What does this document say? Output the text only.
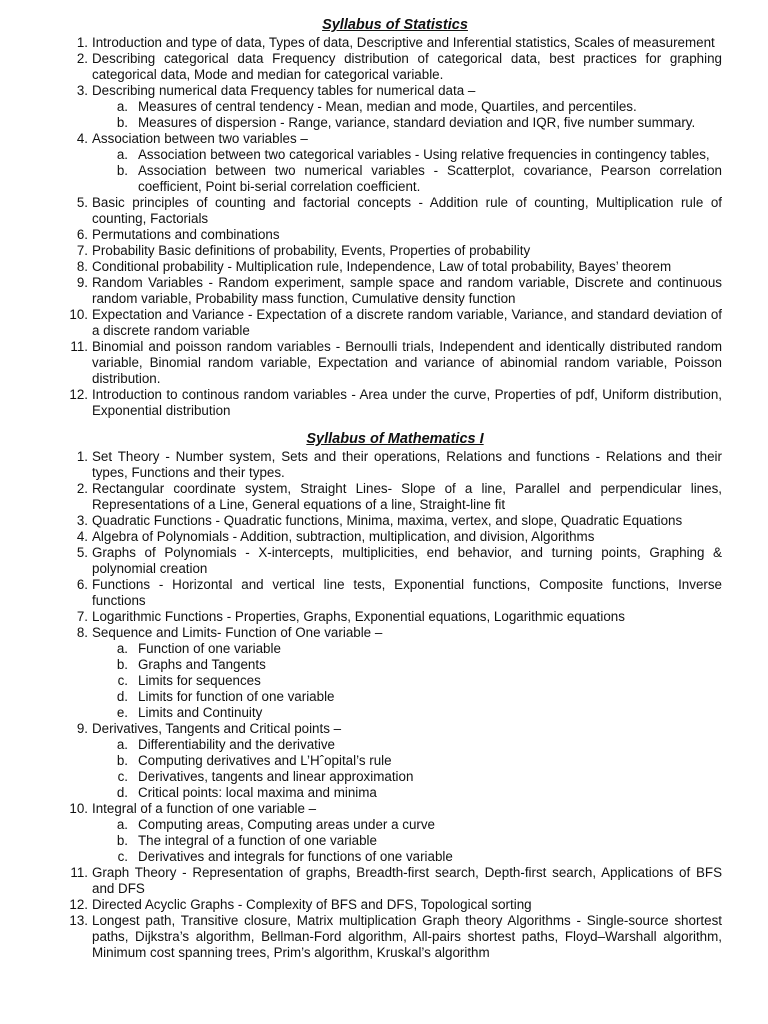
Syllabus of Statistics
1. Introduction and type of data, Types of data, Descriptive and Inferential statistics, Scales of measurement
2. Describing categorical data Frequency distribution of categorical data, best practices for graphing categorical data, Mode and median for categorical variable.
3. Describing numerical data Frequency tables for numerical data –
a. Measures of central tendency - Mean, median and mode, Quartiles, and percentiles.
b. Measures of dispersion - Range, variance, standard deviation and IQR, five number summary.
4. Association between two variables –
a. Association between two categorical variables - Using relative frequencies in contingency tables,
b. Association between two numerical variables - Scatterplot, covariance, Pearson correlation coefficient, Point bi-serial correlation coefficient.
5. Basic principles of counting and factorial concepts - Addition rule of counting, Multiplication rule of counting, Factorials
6. Permutations and combinations
7. Probability Basic definitions of probability, Events, Properties of probability
8. Conditional probability - Multiplication rule, Independence, Law of total probability, Bayes’ theorem
9. Random Variables - Random experiment, sample space and random variable, Discrete and continuous random variable, Probability mass function, Cumulative density function
10. Expectation and Variance - Expectation of a discrete random variable, Variance, and standard deviation of a discrete random variable
11. Binomial and poisson random variables - Bernoulli trials, Independent and identically distributed random variable, Binomial random variable, Expectation and variance of abinomial random variable, Poisson distribution.
12. Introduction to continous random variables - Area under the curve, Properties of pdf, Uniform distribution, Exponential distribution
Syllabus of Mathematics I
1. Set Theory - Number system, Sets and their operations, Relations and functions - Relations and their types, Functions and their types.
2. Rectangular coordinate system, Straight Lines- Slope of a line, Parallel and perpendicular lines, Representations of a Line, General equations of a line, Straight-line fit
3. Quadratic Functions - Quadratic functions, Minima, maxima, vertex, and slope, Quadratic Equations
4. Algebra of Polynomials - Addition, subtraction, multiplication, and division, Algorithms
5. Graphs of Polynomials - X-intercepts, multiplicities, end behavior, and turning points, Graphing & polynomial creation
6. Functions - Horizontal and vertical line tests, Exponential functions, Composite functions, Inverse functions
7. Logarithmic Functions - Properties, Graphs, Exponential equations, Logarithmic equations
8. Sequence and Limits- Function of One variable –
a. Function of one variable
b. Graphs and Tangents
c. Limits for sequences
d. Limits for function of one variable
e. Limits and Continuity
9. Derivatives, Tangents and Critical points –
a. Differentiability and the derivative
b. Computing derivatives and L’Hˆopital’s rule
c. Derivatives, tangents and linear approximation
d. Critical points: local maxima and minima
10. Integral of a function of one variable –
a. Computing areas, Computing areas under a curve
b. The integral of a function of one variable
c. Derivatives and integrals for functions of one variable
11. Graph Theory - Representation of graphs, Breadth-first search, Depth-first search, Applications of BFS and DFS
12. Directed Acyclic Graphs - Complexity of BFS and DFS, Topological sorting
13. Longest path, Transitive closure, Matrix multiplication Graph theory Algorithms - Single-source shortest paths, Dijkstra’s algorithm, Bellman-Ford algorithm, All-pairs shortest paths, Floyd–Warshall algorithm, Minimum cost spanning trees, Prim’s algorithm, Kruskal’s algorithm
